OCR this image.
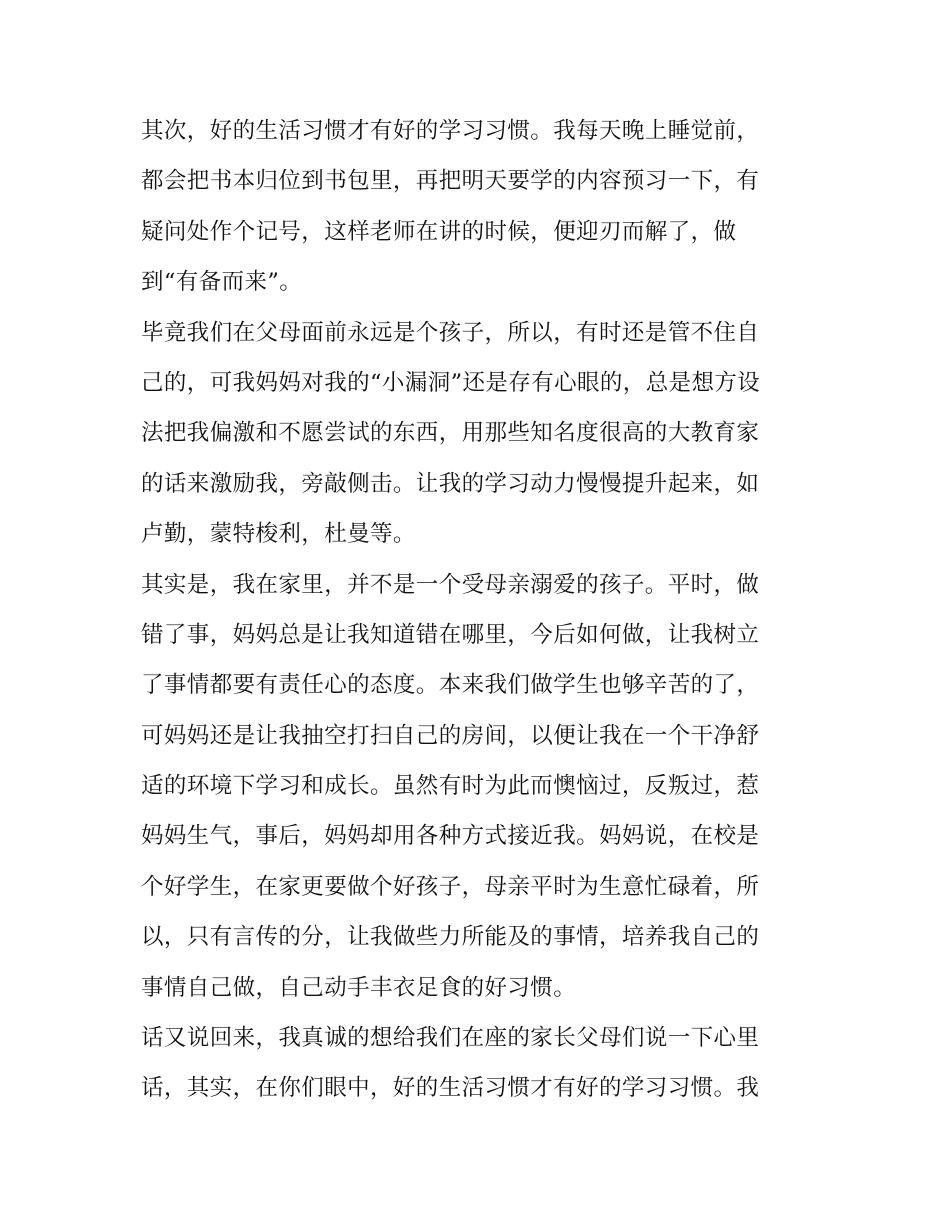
其次，好的生活习惯才有好的学习习惯。我每天晚上睡觉前，
都会把书本归位到书包里，再把明天要学的内容预习一下，有
疑问处作个记号，这样老师在讲的时候，便迎刃而解了，做
到“有备而来”。
毕竟我们在父母面前永远是个孩子，所以，有时还是管不住自
己的，可我妈妈对我的“小漏洞”还是存有心眼的，总是想方设
法把我偏激和不愿尝试的东西，用那些知名度很高的大教育家
的话来激励我，旁敲侧击。让我的学习动力慢慢提升起来，如
卢勤，蒙特梭利，杜曼等。
其实是，我在家里，并不是一个受母亲溺爱的孩子。平时，做
错了事，妈妈总是让我知道错在哪里，今后如何做，让我树立
了事情都要有责任心的态度。本来我们做学生也够辛苦的了，
可妈妈还是让我抽空打扫自己的房间，以便让我在一个干净舒
适的环境下学习和成长。虽然有时为此而懊恼过，反叛过，惹
妈妈生气，事后，妈妈却用各种方式接近我。妈妈说，在校是
个好学生，在家更要做个好孩子，母亲平时为生意忙碌着，所
以，只有言传的分，让我做些力所能及的事情，培养我自己的
事情自己做，自己动手丰衣足食的好习惯。
话又说回来，我真诚的想给我们在座的家长父母们说一下心里
话，其实，在你们眼中，好的生活习惯才有好的学习习惯。我
